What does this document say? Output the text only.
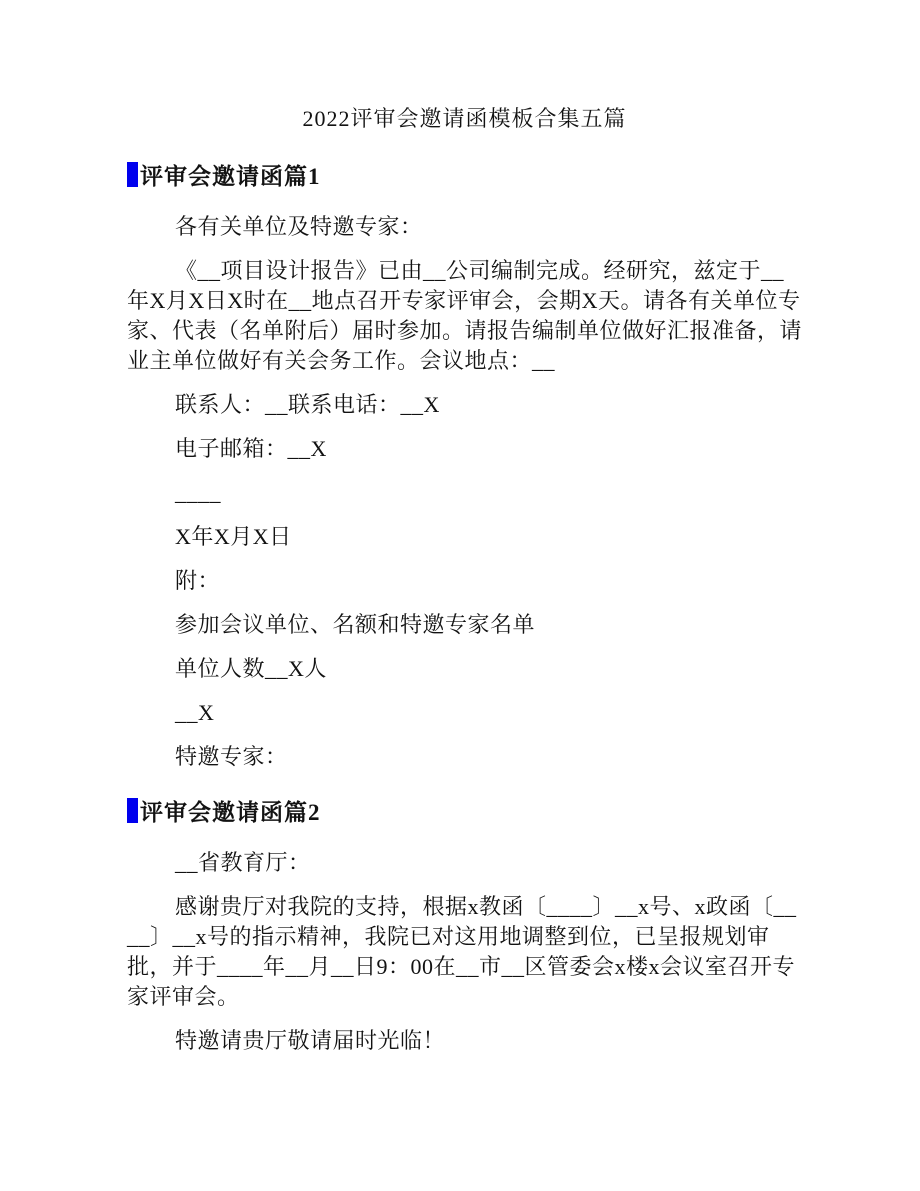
2022评审会邀请函模板合集五篇
评审会邀请函篇1

各有关单位及特邀专家：

《__项目设计报告》已由__公司编制完成。经研究，兹定于__年X月X日X时在__地点召开专家评审会，会期X天。请各有关单位专家、代表（名单附后）届时参加。请报告编制单位做好汇报准备，请业主单位做好有关会务工作。会议地点：__

联系人：__联系电话：__X

电子邮箱：__X

____

X年X月X日

附：

参加会议单位、名额和特邀专家名单

单位人数__X人

__X

特邀专家：

评审会邀请函篇2

__省教育厅：

感谢贵厅对我院的支持，根据x教函〔____〕__x号、x政函〔____〕__x号的指示精神，我院已对这用地调整到位，已呈报规划审批，并于____年__月__日9：00在__市__区管委会x楼x会议室召开专家评审会。

特邀请贵厅敬请届时光临！
